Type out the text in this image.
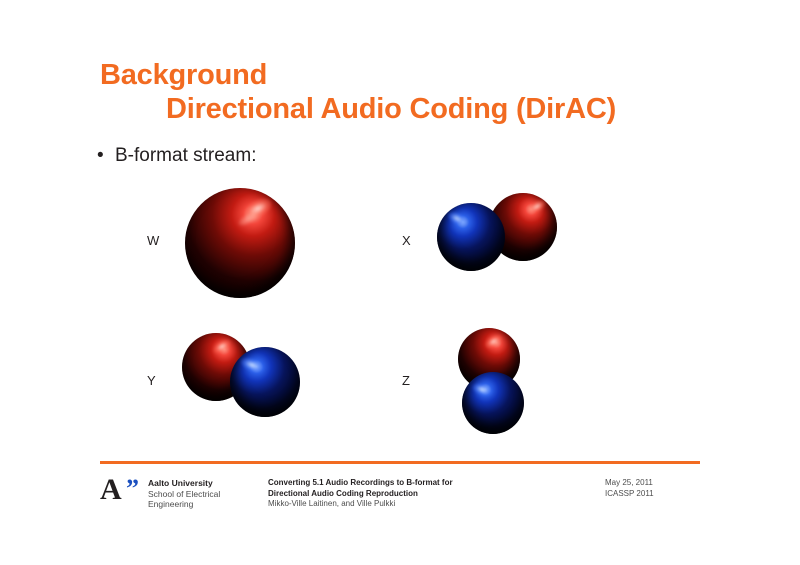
Background
Directional Audio Coding (DirAC)
• B-format stream:
W	X
Y	Z
A ” Aalto University
School of Electrical
Engineering
Converting 5.1 Audio Recordings to B-format for
Directional Audio Coding Reproduction
Mikko-Ville Laitinen, and Ville Pulkki
May 25, 2011
ICASSP 2011
